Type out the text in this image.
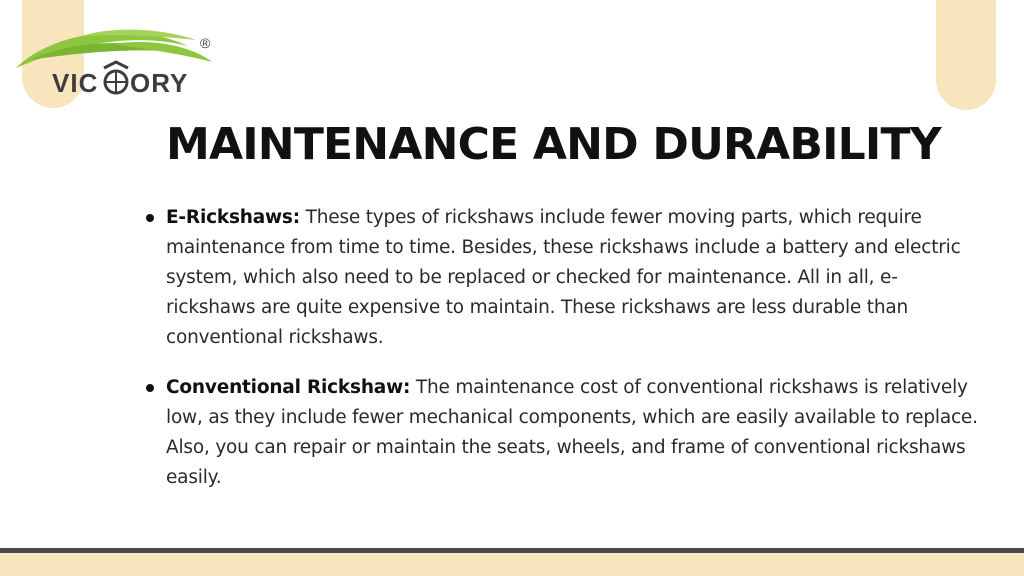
VIC ORY
®
MAINTENANCE AND DURABILITY
E-Rickshaws: These types of rickshaws include fewer moving parts, which require maintenance from time to time. Besides, these rickshaws include a battery and electric system, which also need to be replaced or checked for maintenance. All in all, e-rickshaws are quite expensive to maintain. These rickshaws are less durable than conventional rickshaws.
Conventional Rickshaw: The maintenance cost of conventional rickshaws is relatively low, as they include fewer mechanical components, which are easily available to replace. Also, you can repair or maintain the seats, wheels, and frame of conventional rickshaws easily.
